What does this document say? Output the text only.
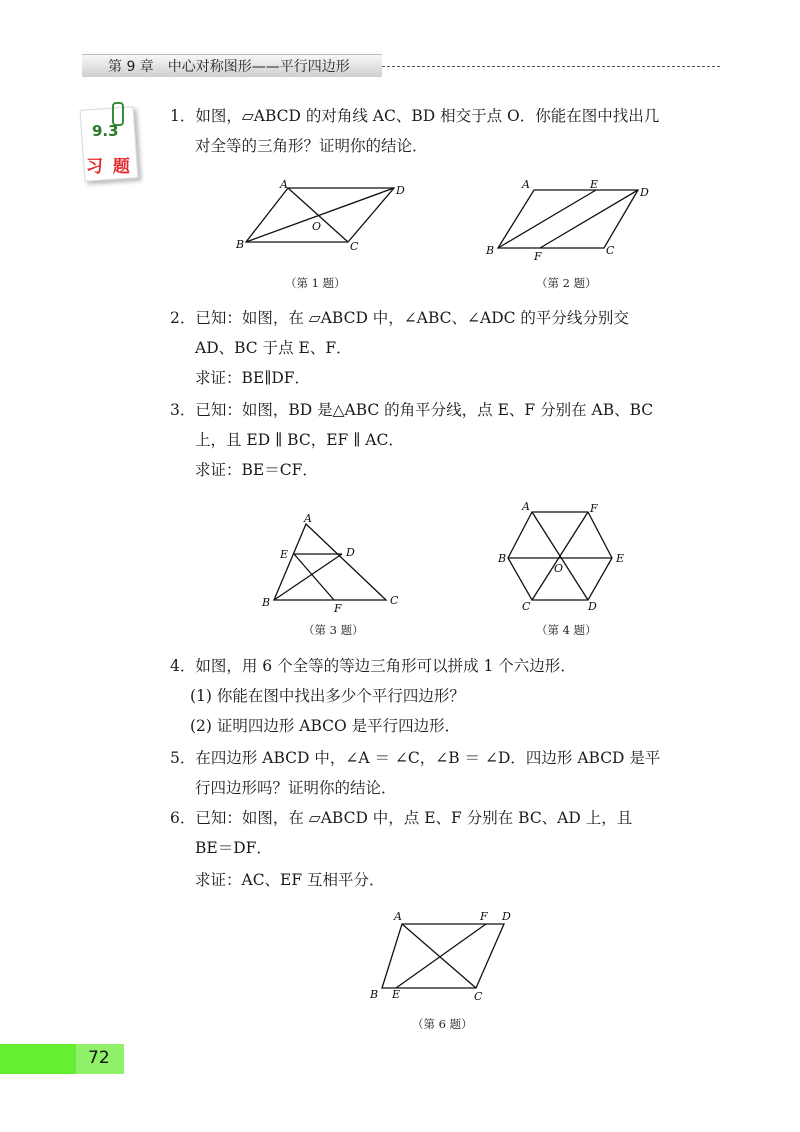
第 9 章　中心对称图形——平行四边形
9.3
习 题
1．如图，▱ABCD 的对角线 AC、BD 相交于点 O．你能在图中找出几
对全等的三角形？证明你的结论．
A	D
B	C
O
（第 1 题）
A	E
D
B	F	C
（第 2 题）
2．已知：如图，在 ▱ABCD 中，∠ABC、∠ADC 的平分线分别交
AD、BC 于点 E、F．
求证：BE∥DF．
3．已知：如图，BD 是△ABC 的角平分线，点 E、F 分别在 AB、BC
上，且 ED ∥ BC，EF ∥ AC．
求证：BE＝CF．
A
E	D
B	F
C
（第 3 题）
A	F
B	E
O
C	D
（第 4 题）
4．如图，用 6 个全等的等边三角形可以拼成 1 个六边形．
(1) 你能在图中找出多少个平行四边形？
(2) 证明四边形 ABCO 是平行四边形．
5．在四边形 ABCD 中，∠A ＝ ∠C，∠B ＝ ∠D．四边形 ABCD 是平
行四边形吗？证明你的结论．
6．已知：如图，在 ▱ABCD 中，点 E、F 分别在 BC、AD 上，且
BE＝DF．
求证：AC、EF 互相平分．
A	F D
B E	C
（第 6 题）
72
